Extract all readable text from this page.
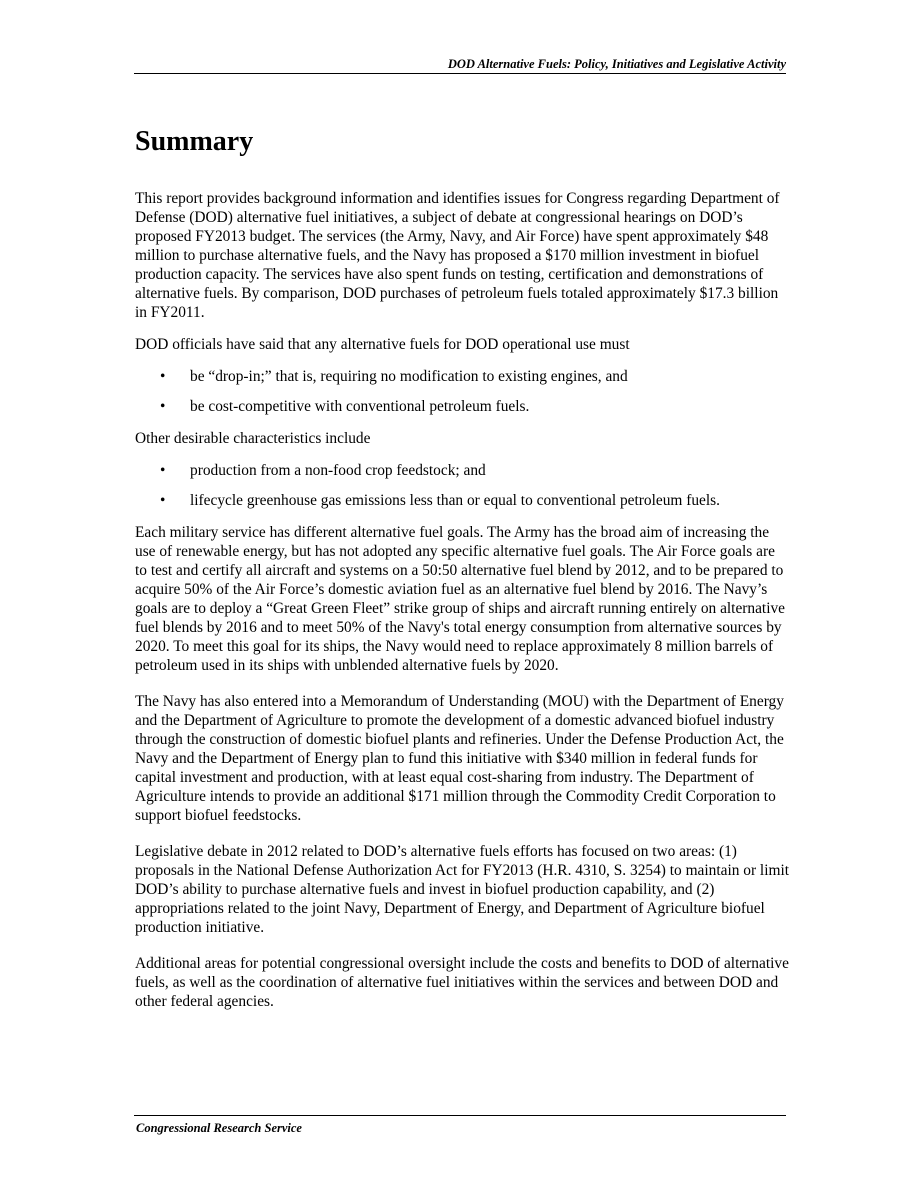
DOD Alternative Fuels: Policy, Initiatives and Legislative Activity
Summary

This report provides background information and identifies issues for Congress regarding Department of Defense (DOD) alternative fuel initiatives, a subject of debate at congressional hearings on DOD’s proposed FY2013 budget. The services (the Army, Navy, and Air Force) have spent approximately $48 million to purchase alternative fuels, and the Navy has proposed a $170 million investment in biofuel production capacity. The services have also spent funds on testing, certification and demonstrations of alternative fuels. By comparison, DOD purchases of petroleum fuels totaled approximately $17.3 billion in FY2011.

DOD officials have said that any alternative fuels for DOD operational use must

• be “drop-in;” that is, requiring no modification to existing engines, and
• be cost-competitive with conventional petroleum fuels.

Other desirable characteristics include

• production from a non-food crop feedstock; and
• lifecycle greenhouse gas emissions less than or equal to conventional petroleum fuels.

Each military service has different alternative fuel goals. The Army has the broad aim of increasing the use of renewable energy, but has not adopted any specific alternative fuel goals. The Air Force goals are to test and certify all aircraft and systems on a 50:50 alternative fuel blend by 2012, and to be prepared to acquire 50% of the Air Force’s domestic aviation fuel as an alternative fuel blend by 2016. The Navy’s goals are to deploy a “Great Green Fleet” strike group of ships and aircraft running entirely on alternative fuel blends by 2016 and to meet 50% of the Navy's total energy consumption from alternative sources by 2020. To meet this goal for its ships, the Navy would need to replace approximately 8 million barrels of petroleum used in its ships with unblended alternative fuels by 2020.

The Navy has also entered into a Memorandum of Understanding (MOU) with the Department of Energy and the Department of Agriculture to promote the development of a domestic advanced biofuel industry through the construction of domestic biofuel plants and refineries. Under the Defense Production Act, the Navy and the Department of Energy plan to fund this initiative with $340 million in federal funds for capital investment and production, with at least equal cost-sharing from industry. The Department of Agriculture intends to provide an additional $171 million through the Commodity Credit Corporation to support biofuel feedstocks.

Legislative debate in 2012 related to DOD’s alternative fuels efforts has focused on two areas: (1) proposals in the National Defense Authorization Act for FY2013 (H.R. 4310, S. 3254) to maintain or limit DOD’s ability to purchase alternative fuels and invest in biofuel production capability, and (2) appropriations related to the joint Navy, Department of Energy, and Department of Agriculture biofuel production initiative.

Additional areas for potential congressional oversight include the costs and benefits to DOD of alternative fuels, as well as the coordination of alternative fuel initiatives within the services and between DOD and other federal agencies.

Congressional Research Service
